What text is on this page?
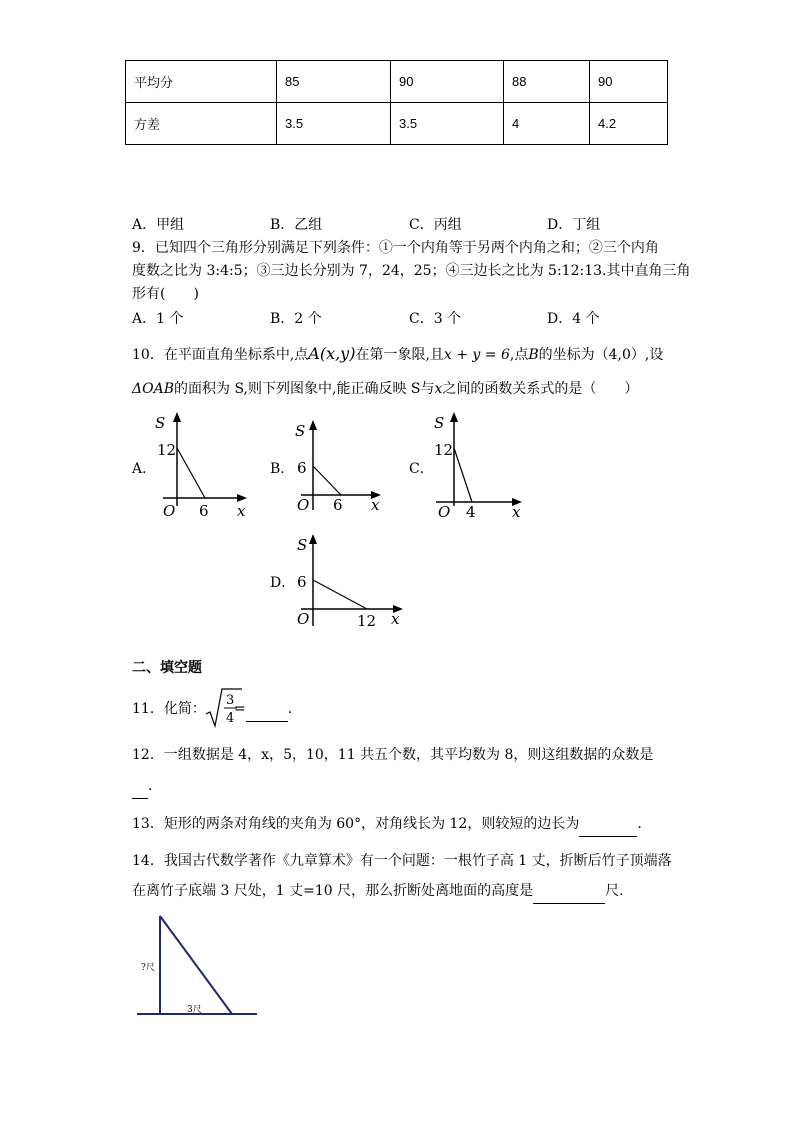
平均分	85	90	88	90
方差	3.5	3.5	4	4.2
A．甲组	B．乙组	C．丙组	D．丁组
9．已知四个三角形分别满足下列条件：①一个内角等于另两个内角之和；②三个内角
度数之比为 3:4:5；③三边长分别为 7，24，25；④三边长之比为 5:12:13.其中直角三角
形有(　　)
A．1 个	B．2 个	C．3 个	D．4 个
10．在平面直角坐标系中,点A(x,y)在第一象限,且x + y = 6,点B的坐标为（4,0）,设
ΔOAB的面积为 S,则下列图象中,能正确反映 S与x之间的函数关系式的是（　　）
A．
S
12
O 6 x
B．
S
6
O 6 x
C．
S
12
O 4 x
D．
S
6
O	12 x
二、填空题
11．化简：
3
4
=	.
12．一组数据是 4，x，5，10，11 共五个数，其平均数为 8，则这组数据的众数是
.
13．矩形的两条对角线的夹角为 60°，对角线长为 12，则较短的边长为	.
14．我国古代数学著作《九章算术》有一个问题：一根竹子高 1 丈，折断后竹子顶端落
在离竹子底端 3 尺处，1 丈=10 尺，那么折断处离地面的高度是	尺.
?尺
3尺
